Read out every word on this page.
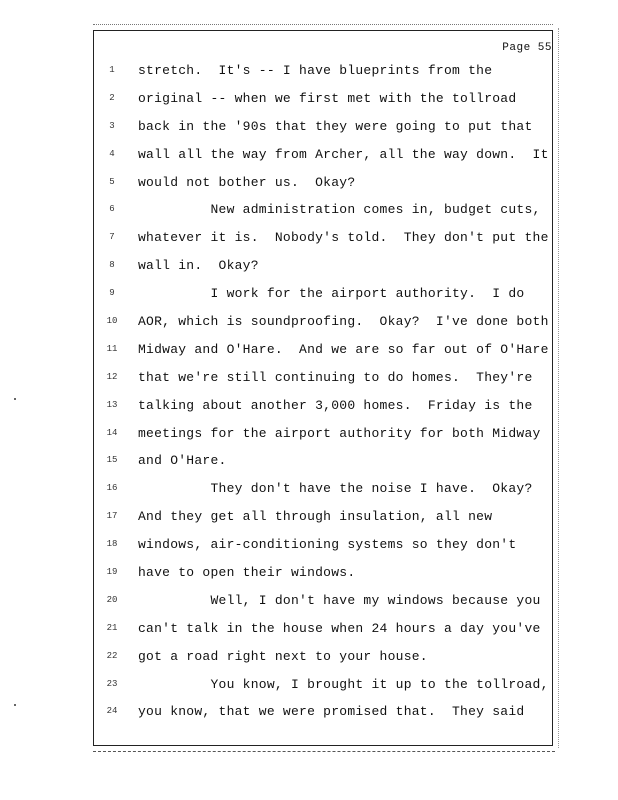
Page 55
1	stretch.  It's -- I have blueprints from the
2	original -- when we first met with the tollroad
3	back in the '90s that they were going to put that
4	wall all the way from Archer, all the way down.  It
5	would not bother us.  Okay?
6	New administration comes in, budget cuts,
7	whatever it is.  Nobody's told.  They don't put the
8	wall in.  Okay?
9	I work for the airport authority.  I do
10	AOR, which is soundproofing.  Okay?  I've done both
11	Midway and O'Hare.  And we are so far out of O'Hare
12	that we're still continuing to do homes.  They're
13	talking about another 3,000 homes.  Friday is the
14	meetings for the airport authority for both Midway
15	and O'Hare.
16	They don't have the noise I have.  Okay?
17	And they get all through insulation, all new
18	windows, air-conditioning systems so they don't
19	have to open their windows.
20	Well, I don't have my windows because you
21	can't talk in the house when 24 hours a day you've
22	got a road right next to your house.
23	You know, I brought it up to the tollroad,
24	you know, that we were promised that.  They said
